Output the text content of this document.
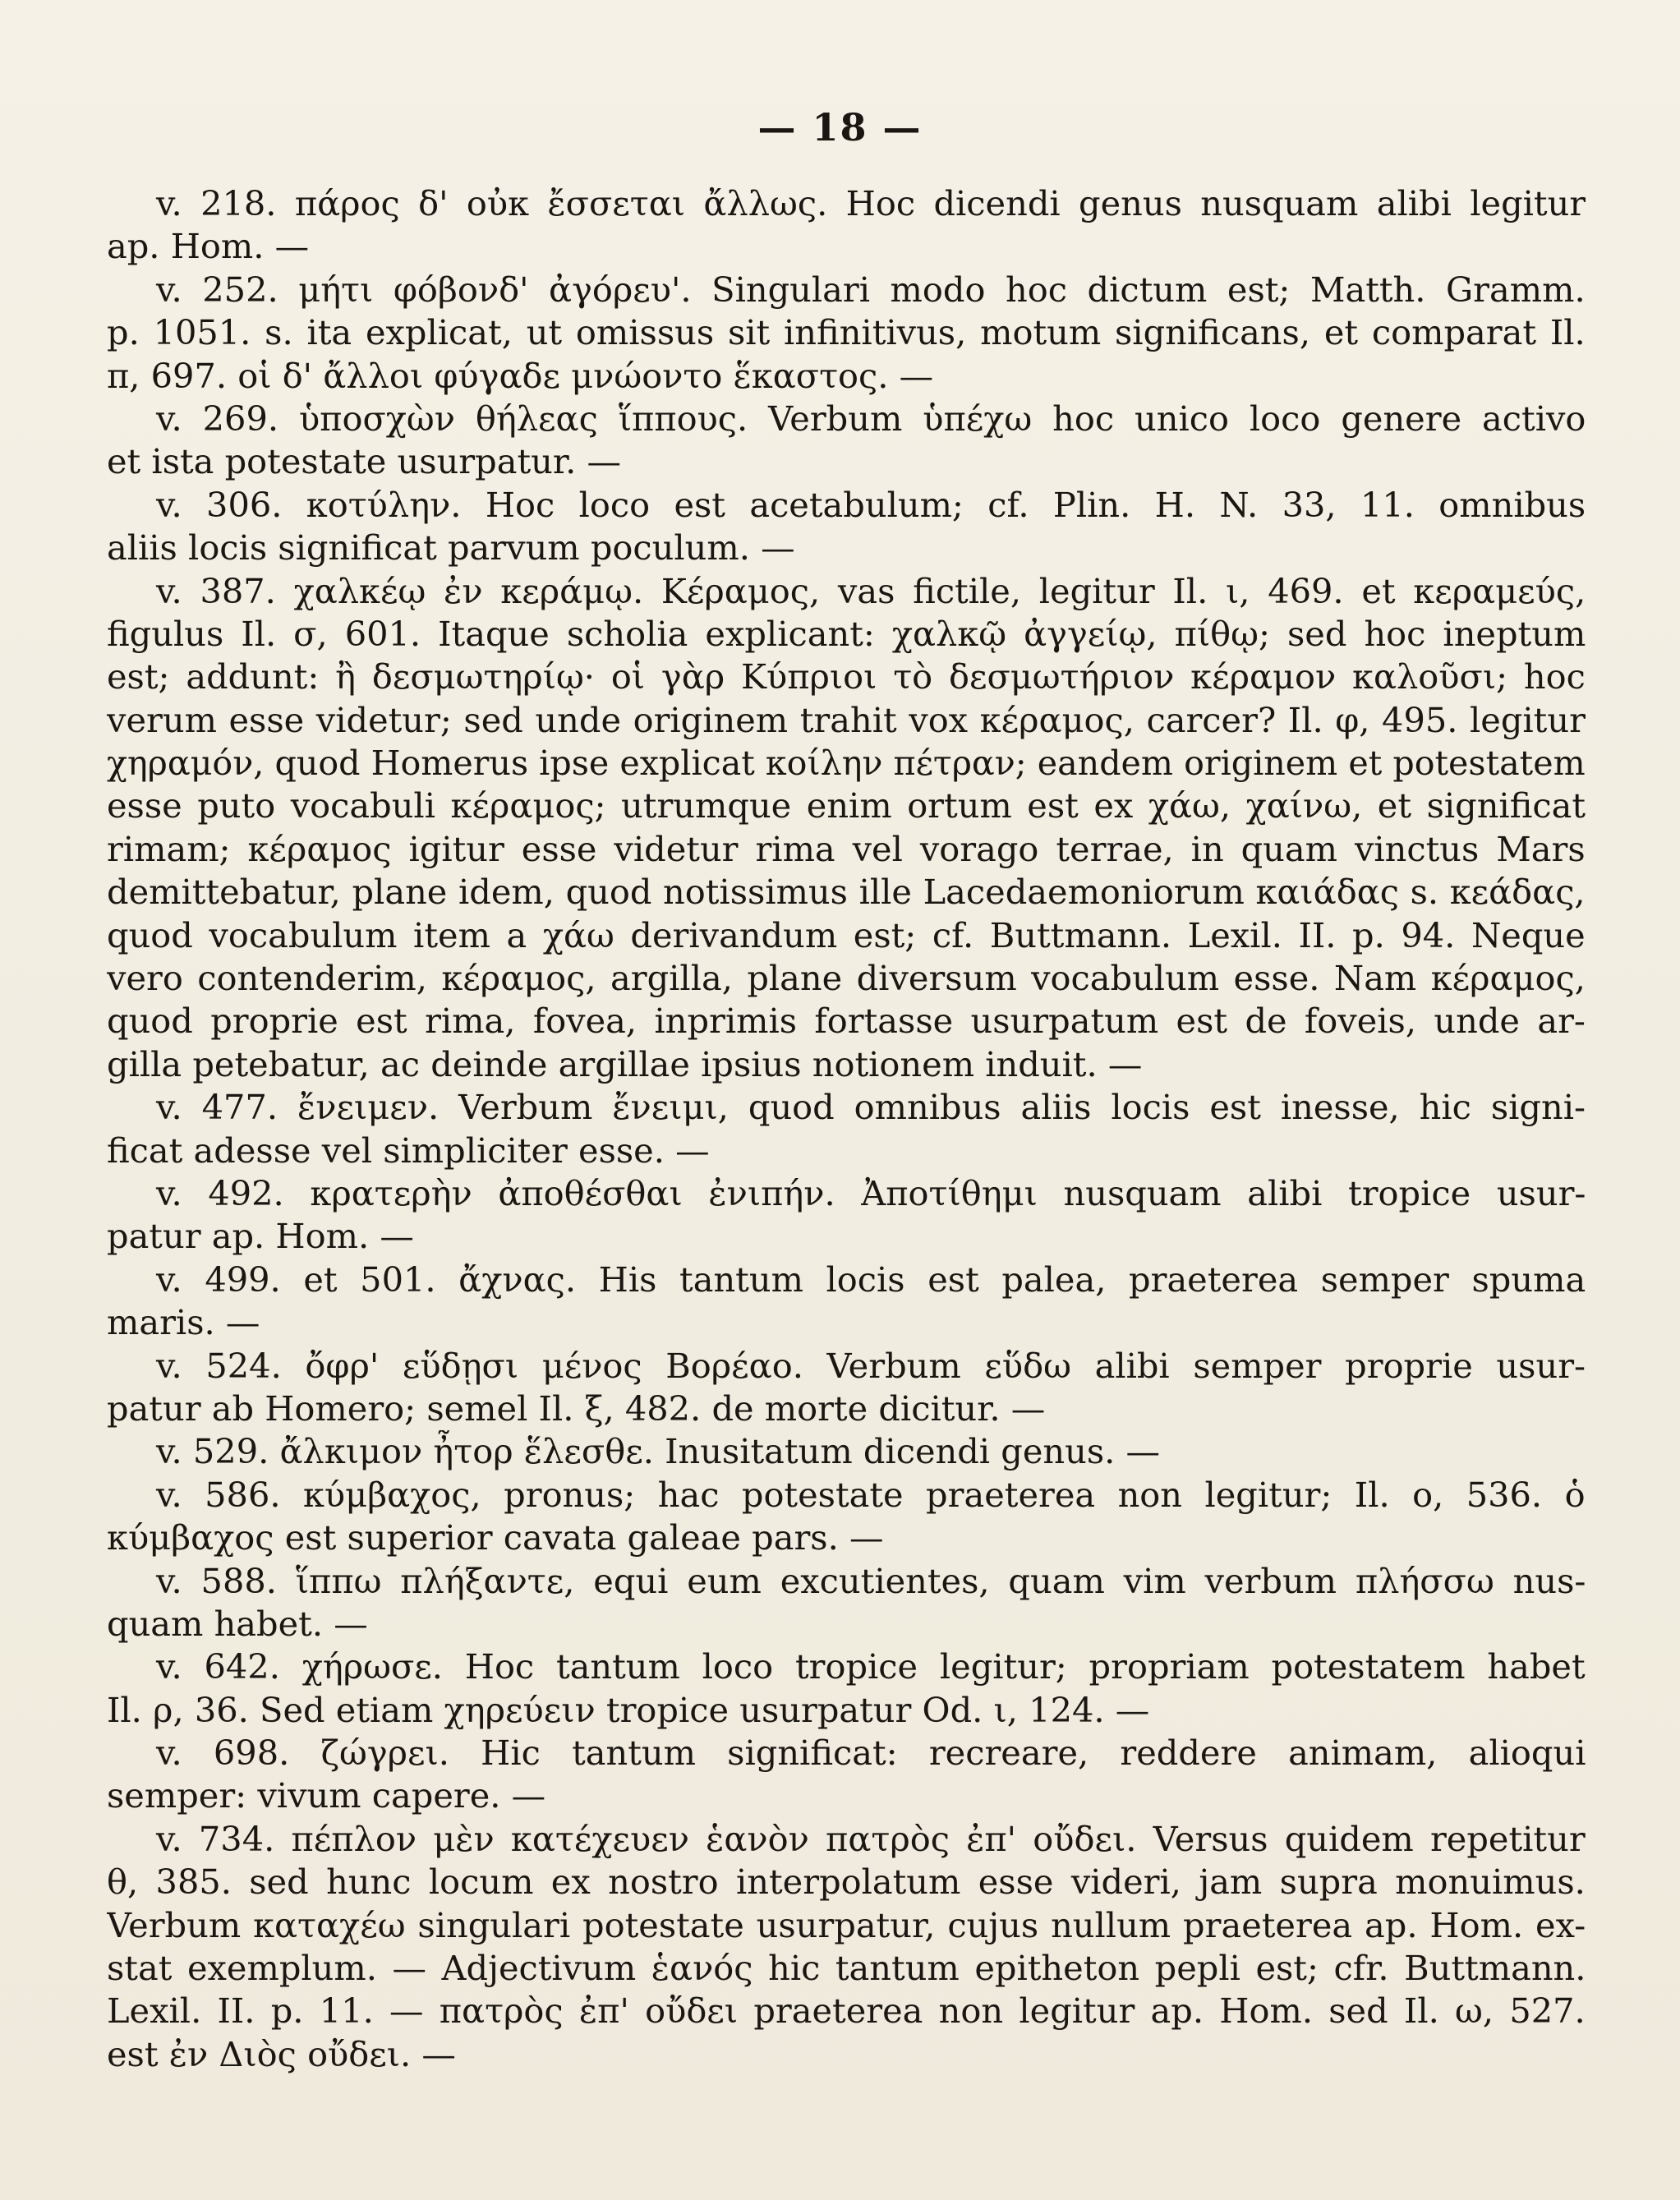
— 18 —
v. 218. πάρος δ' οὐκ ἔσσεται ἄλλως. Hoc dicendi genus nusquam alibi legitur
ap. Hom. —
v. 252. μήτι φόβονδ' ἀγόρευ'. Singulari modo hoc dictum est; Matth. Gramm.
p. 1051. s. ita explicat, ut omissus sit infinitivus, motum significans, et comparat Il.
π, 697. οἱ δ' ἄλλοι φύγαδε μνώοντο ἕκαστος. —
v. 269. ὑποσχὼν θήλεας ἵππους. Verbum ὑπέχω hoc unico loco genere activo
et ista potestate usurpatur. —
v. 306. κοτύλην. Hoc loco est acetabulum; cf. Plin. H. N. 33, 11. omnibus
aliis locis significat parvum poculum. —
v. 387. χαλκέῳ ἐν κεράμῳ. Κέραμος, vas fictile, legitur Il. ι, 469. et κεραμεύς,
figulus Il. σ, 601. Itaque scholia explicant: χαλκῷ ἀγγείῳ, πίθῳ; sed hoc ineptum
est; addunt: ἢ δεσμωτηρίῳ· οἱ γὰρ Κύπριοι τὸ δεσμωτήριον κέραμον καλοῦσι; hoc
verum esse videtur; sed unde originem trahit vox κέραμος, carcer? Il. φ, 495. legitur
χηραμόν, quod Homerus ipse explicat κοίλην πέτραν; eandem originem et potestatem
esse puto vocabuli κέραμος; utrumque enim ortum est ex χάω, χαίνω, et significat
rimam; κέραμος igitur esse videtur rima vel vorago terrae, in quam vinctus Mars
demittebatur, plane idem, quod notissimus ille Lacedaemoniorum καιάδας s. κεάδας,
quod vocabulum item a χάω derivandum est; cf. Buttmann. Lexil. II. p. 94. Neque
vero contenderim, κέραμος, argilla, plane diversum vocabulum esse. Nam κέραμος,
quod proprie est rima, fovea, inprimis fortasse usurpatum est de foveis, unde ar-
gilla petebatur, ac deinde argillae ipsius notionem induit. —
v. 477. ἔνειμεν. Verbum ἔνειμι, quod omnibus aliis locis est inesse, hic signi-
ficat adesse vel simpliciter esse. —
v. 492. κρατερὴν ἀποθέσθαι ἐνιπήν. Ἀποτίθημι nusquam alibi tropice usur-
patur ap. Hom. —
v. 499. et 501. ἄχνας. His tantum locis est palea, praeterea semper spuma
maris. —
v. 524. ὄφρ' εὕδῃσι μένος Βορέαο. Verbum εὕδω alibi semper proprie usur-
patur ab Homero; semel Il. ξ, 482. de morte dicitur. —
v. 529. ἄλκιμον ἦτορ ἕλεσθε. Inusitatum dicendi genus. —
v. 586. κύμβαχος, pronus; hac potestate praeterea non legitur; Il. ο, 536. ὁ
κύμβαχος est superior cavata galeae pars. —
v. 588. ἵππω πλήξαντε, equi eum excutientes, quam vim verbum πλήσσω nus-
quam habet. —
v. 642. χήρωσε. Hoc tantum loco tropice legitur; propriam potestatem habet
Il. ρ, 36. Sed etiam χηρεύειν tropice usurpatur Od. ι, 124. —
v. 698. ζώγρει. Hic tantum significat: recreare, reddere animam, alioqui
semper: vivum capere. —
v. 734. πέπλον μὲν κατέχευεν ἑανὸν πατρὸς ἐπ' οὔδει. Versus quidem repetitur
θ, 385. sed hunc locum ex nostro interpolatum esse videri, jam supra monuimus.
Verbum καταχέω singulari potestate usurpatur, cujus nullum praeterea ap. Hom. ex-
stat exemplum. — Adjectivum ἑανός hic tantum epitheton pepli est; cfr. Buttmann.
Lexil. II. p. 11. — πατρὸς ἐπ' οὔδει praeterea non legitur ap. Hom. sed Il. ω, 527.
est ἐν Διὸς οὔδει. —
